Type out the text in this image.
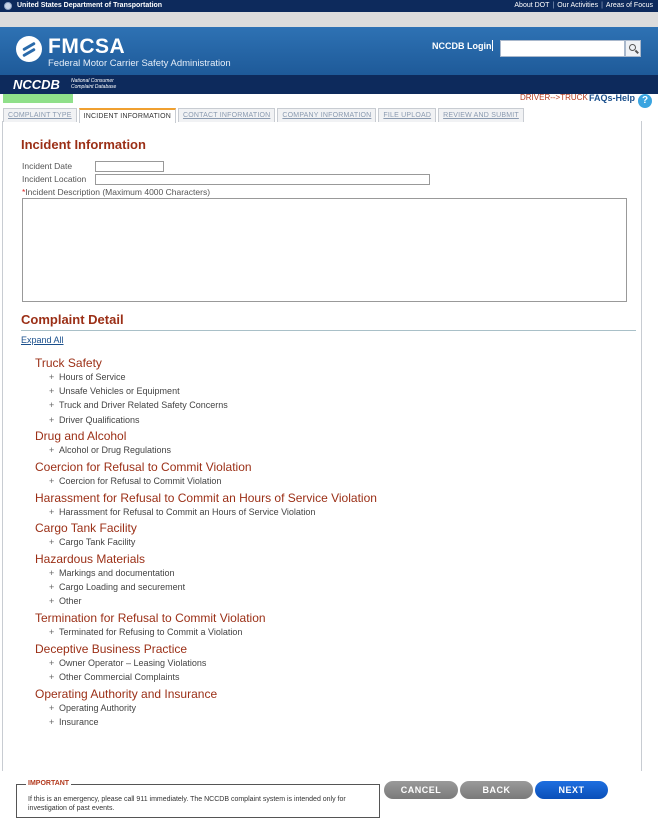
United States Department of Transportation	About DOT | Our Activities | Areas of Focus
FMCSA
Federal Motor Carrier Safety Administration
NCCDB Login
NCCDB National Consumer Complaint Database
DRIVER-->TRUCK FAQs-Help ?
COMPLAINT TYPE	INCIDENT INFORMATION	CONTACT INFORMATION	COMPANY INFORMATION	FILE UPLOAD	REVIEW AND SUBMIT
Incident Information
Incident Date
Incident Location
*Incident Description (Maximum 4000 Characters)
Complaint Detail
Expand All
Truck Safety
+ Hours of Service
+ Unsafe Vehicles or Equipment
+ Truck and Driver Related Safety Concerns
+ Driver Qualifications
Drug and Alcohol
+ Alcohol or Drug Regulations
Coercion for Refusal to Commit Violation
+ Coercion for Refusal to Commit Violation
Harassment for Refusal to Commit an Hours of Service Violation
+ Harassment for Refusal to Commit an Hours of Service Violation
Cargo Tank Facility
+ Cargo Tank Facility
Hazardous Materials
+ Markings and documentation
+ Cargo Loading and securement
+ Other
Termination for Refusal to Commit Violation
+ Terminated for Refusing to Commit a Violation
Deceptive Business Practice
+ Owner Operator – Leasing Violations
+ Other Commercial Complaints
Operating Authority and Insurance
+ Operating Authority
+ Insurance
IMPORTANT
If this is an emergency, please call 911 immediately. The NCCDB complaint system is intended only for investigation of past events.
CANCEL	BACK	NEXT
